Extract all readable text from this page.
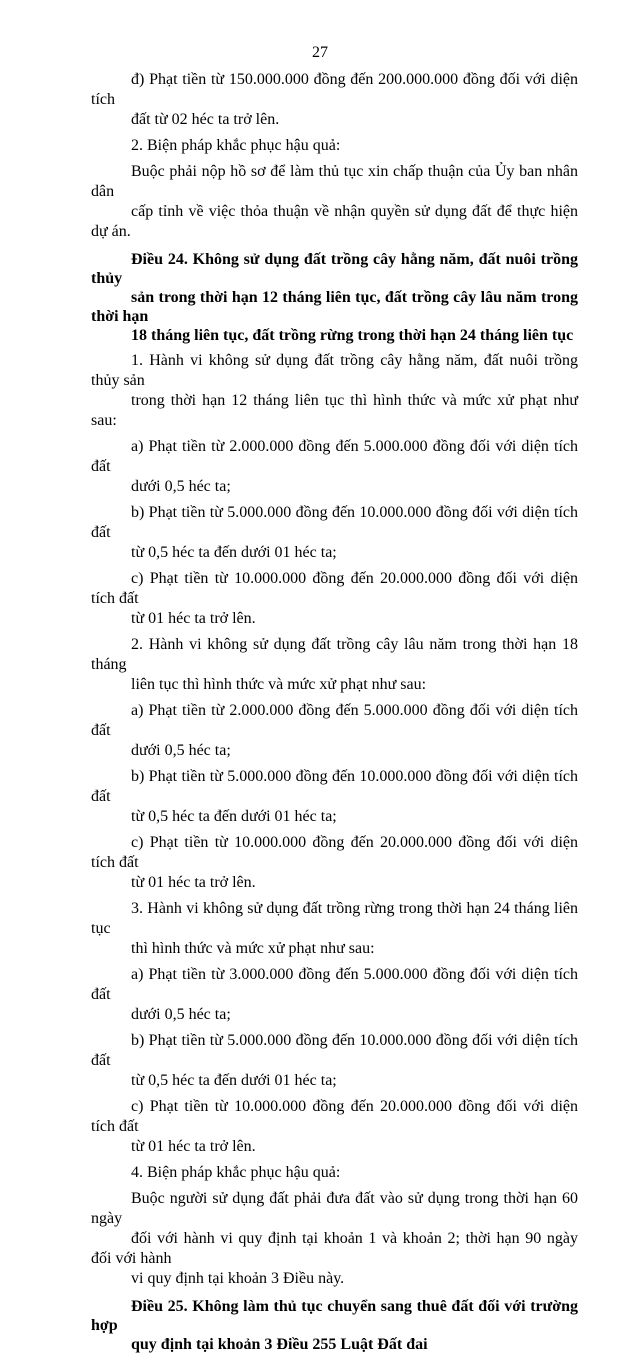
27

đ) Phạt tiền từ 150.000.000 đồng đến 200.000.000 đồng đối với diện tích
đất từ 02 héc ta trở lên.

2. Biện pháp khắc phục hậu quả:

Buộc phải nộp hồ sơ để làm thủ tục xin chấp thuận của Ủy ban nhân dân
cấp tỉnh về việc thỏa thuận về nhận quyền sử dụng đất để thực hiện dự án.

Điều 24. Không sử dụng đất trồng cây hằng năm, đất nuôi trồng thủy
sản trong thời hạn 12 tháng liên tục, đất trồng cây lâu năm trong thời hạn
18 tháng liên tục, đất trồng rừng trong thời hạn 24 tháng liên tục

1. Hành vi không sử dụng đất trồng cây hằng năm, đất nuôi trồng thủy sản
trong thời hạn 12 tháng liên tục thì hình thức và mức xử phạt như sau:

a) Phạt tiền từ 2.000.000 đồng đến 5.000.000 đồng đối với diện tích đất
dưới 0,5 héc ta;

b) Phạt tiền từ 5.000.000 đồng đến 10.000.000 đồng đối với diện tích đất
từ 0,5 héc ta đến dưới 01 héc ta;

c) Phạt tiền từ 10.000.000 đồng đến 20.000.000 đồng đối với diện tích đất
từ 01 héc ta trở lên.

2. Hành vi không sử dụng đất trồng cây lâu năm trong thời hạn 18 tháng
liên tục thì hình thức và mức xử phạt như sau:

a) Phạt tiền từ 2.000.000 đồng đến 5.000.000 đồng đối với diện tích đất
dưới 0,5 héc ta;

b) Phạt tiền từ 5.000.000 đồng đến 10.000.000 đồng đối với diện tích đất
từ 0,5 héc ta đến dưới 01 héc ta;

c) Phạt tiền từ 10.000.000 đồng đến 20.000.000 đồng đối với diện tích đất
từ 01 héc ta trở lên.

3. Hành vi không sử dụng đất trồng rừng trong thời hạn 24 tháng liên tục
thì hình thức và mức xử phạt như sau:

a) Phạt tiền từ 3.000.000 đồng đến 5.000.000 đồng đối với diện tích đất
dưới 0,5 héc ta;

b) Phạt tiền từ 5.000.000 đồng đến 10.000.000 đồng đối với diện tích đất
từ 0,5 héc ta đến dưới 01 héc ta;

c) Phạt tiền từ 10.000.000 đồng đến 20.000.000 đồng đối với diện tích đất
từ 01 héc ta trở lên.

4. Biện pháp khắc phục hậu quả:

Buộc người sử dụng đất phải đưa đất vào sử dụng trong thời hạn 60 ngày
đối với hành vi quy định tại khoản 1 và khoản 2; thời hạn 90 ngày đối với hành
vi quy định tại khoản 3 Điều này.

Điều 25. Không làm thủ tục chuyển sang thuê đất đối với trường hợp
quy định tại khoản 3 Điều 255 Luật Đất đai
